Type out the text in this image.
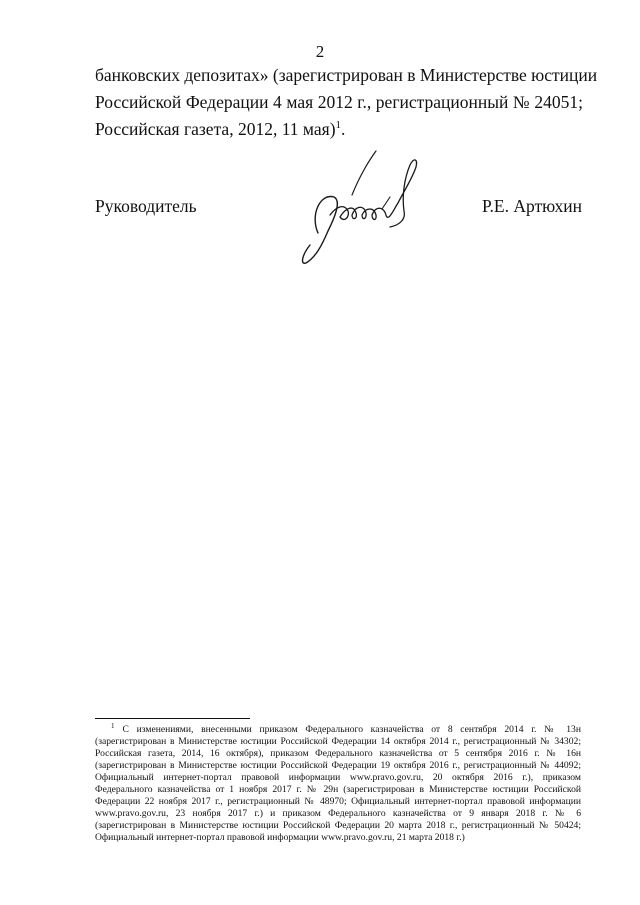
2
банковских депозитах» (зарегистрирован в Министерстве юстиции
Российской Федерации 4 мая 2012 г., регистрационный № 24051;
Российская газета, 2012, 11 мая)$^1$.
Руководитель	Р.Е. Артюхин
$^1$ С изменениями, внесенными приказом Федерального казначейства от 8 сентября 2014 г. № 13н
(зарегистрирован в Министерстве юстиции Российской Федерации 14 октября 2014 г., регистрационный № 34302;
Российская газета, 2014, 16 октября), приказом Федерального казначейства от 5 сентября 2016 г. № 16н
(зарегистрирован в Министерстве юстиции Российской Федерации 19 октября 2016 г., регистрационный № 44092;
Официальный интернет-портал правовой информации www.pravo.gov.ru, 20 октября 2016 г.), приказом
Федерального казначейства от 1 ноября 2017 г. № 29н (зарегистрирован в Министерстве юстиции Российской
Федерации 22 ноября 2017 г., регистрационный № 48970; Официальный интернет-портал правовой информации
www.pravo.gov.ru, 23 ноября 2017 г.) и приказом Федерального казначейства от 9 января 2018 г. № 6
(зарегистрирован в Министерстве юстиции Российской Федерации 20 марта 2018 г., регистрационный № 50424;
Официальный интернет-портал правовой информации www.pravo.gov.ru, 21 марта 2018 г.)
